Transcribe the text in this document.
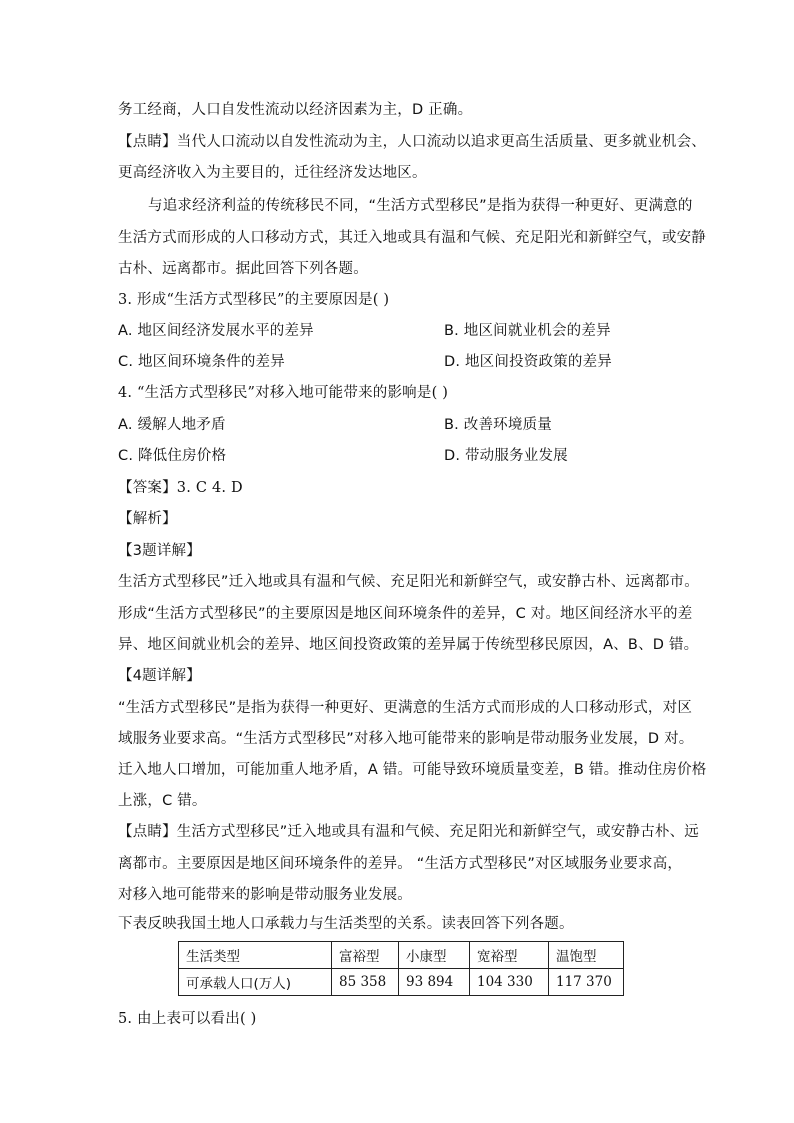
务工经商，人口自发性流动以经济因素为主，D 正确。
【点睛】当代人口流动以自发性流动为主，人口流动以追求更高生活质量、更多就业机会、
更高经济收入为主要目的，迁往经济发达地区。
与追求经济利益的传统移民不同，“生活方式型移民”是指为获得一种更好、更满意的
生活方式而形成的人口移动方式，其迁入地或具有温和气候、充足阳光和新鲜空气，或安静
古朴、远离都市。据此回答下列各题。
3. 形成“生活方式型移民”的主要原因是( )
A. 地区间经济发展水平的差异	B. 地区间就业机会的差异
C. 地区间环境条件的差异	D. 地区间投资政策的差异
4. “生活方式型移民”对移入地可能带来的影响是( )
A. 缓解人地矛盾	B. 改善环境质量
C. 降低住房价格	D. 带动服务业发展
【答案】3. C 4. D
【解析】
【3题详解】
生活方式型移民”迁入地或具有温和气候、充足阳光和新鲜空气，或安静古朴、远离都市。
形成“生活方式型移民”的主要原因是地区间环境条件的差异，C 对。地区间经济水平的差
异、地区间就业机会的差异、地区间投资政策的差异属于传统型移民原因，A、B、D 错。
【4题详解】
“生活方式型移民”是指为获得一种更好、更满意的生活方式而形成的人口移动形式，对区
域服务业要求高。“生活方式型移民”对移入地可能带来的影响是带动服务业发展，D 对。
迁入地人口增加，可能加重人地矛盾，A 错。可能导致环境质量变差，B 错。推动住房价格
上涨，C 错。
【点睛】生活方式型移民”迁入地或具有温和气候、充足阳光和新鲜空气，或安静古朴、远
离都市。主要原因是地区间环境条件的差异。 “生活方式型移民”对区域服务业要求高，
对移入地可能带来的影响是带动服务业发展。
下表反映我国土地人口承载力与生活类型的关系。读表回答下列各题。
生活类型	富裕型	小康型	宽裕型	温饱型
可承载人口(万人)	85 358	93 894	104 330	117 370
5. 由上表可以看出( )
